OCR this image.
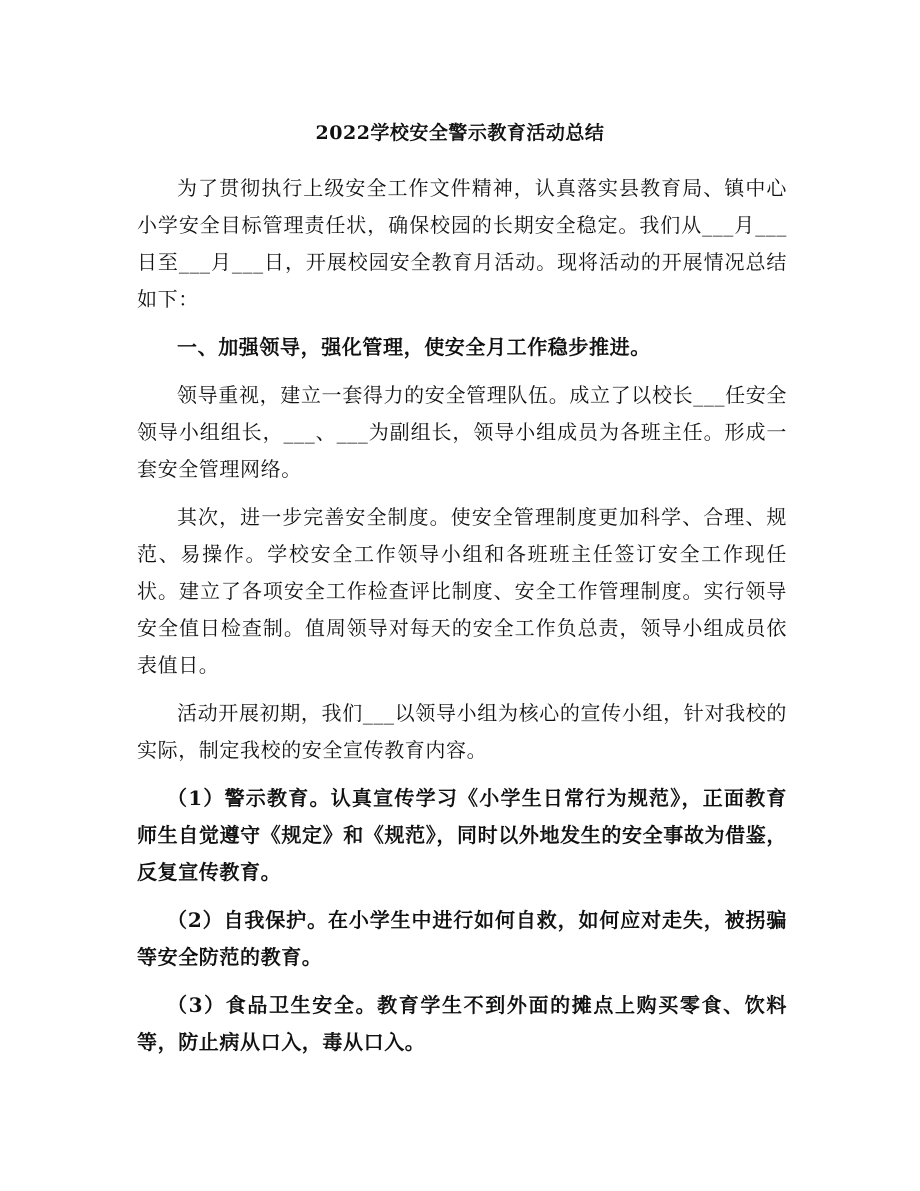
2022学校安全警示教育活动总结

为了贯彻执行上级安全工作文件精神，认真落实县教育局、镇中心小学安全目标管理责任状，确保校园的长期安全稳定。我们从___月___日至___月___日，开展校园安全教育月活动。现将活动的开展情况总结如下：

一、加强领导，强化管理，使安全月工作稳步推进。

领导重视，建立一套得力的安全管理队伍。成立了以校长___任安全领导小组组长，___、___为副组长，领导小组成员为各班主任。形成一套安全管理网络。

其次，进一步完善安全制度。使安全管理制度更加科学、合理、规范、易操作。学校安全工作领导小组和各班班主任签订安全工作现任状。建立了各项安全工作检查评比制度、安全工作管理制度。实行领导安全值日检查制。值周领导对每天的安全工作负总责，领导小组成员依表值日。

活动开展初期，我们___以领导小组为核心的宣传小组，针对我校的实际，制定我校的安全宣传教育内容。

（1）警示教育。认真宣传学习《小学生日常行为规范》，正面教育师生自觉遵守《规定》和《规范》，同时以外地发生的安全事故为借鉴，反复宣传教育。

（2）自我保护。在小学生中进行如何自救，如何应对走失，被拐骗等安全防范的教育。

（3）食品卫生安全。教育学生不到外面的摊点上购买零食、饮料等，防止病从口入，毒从口入。
